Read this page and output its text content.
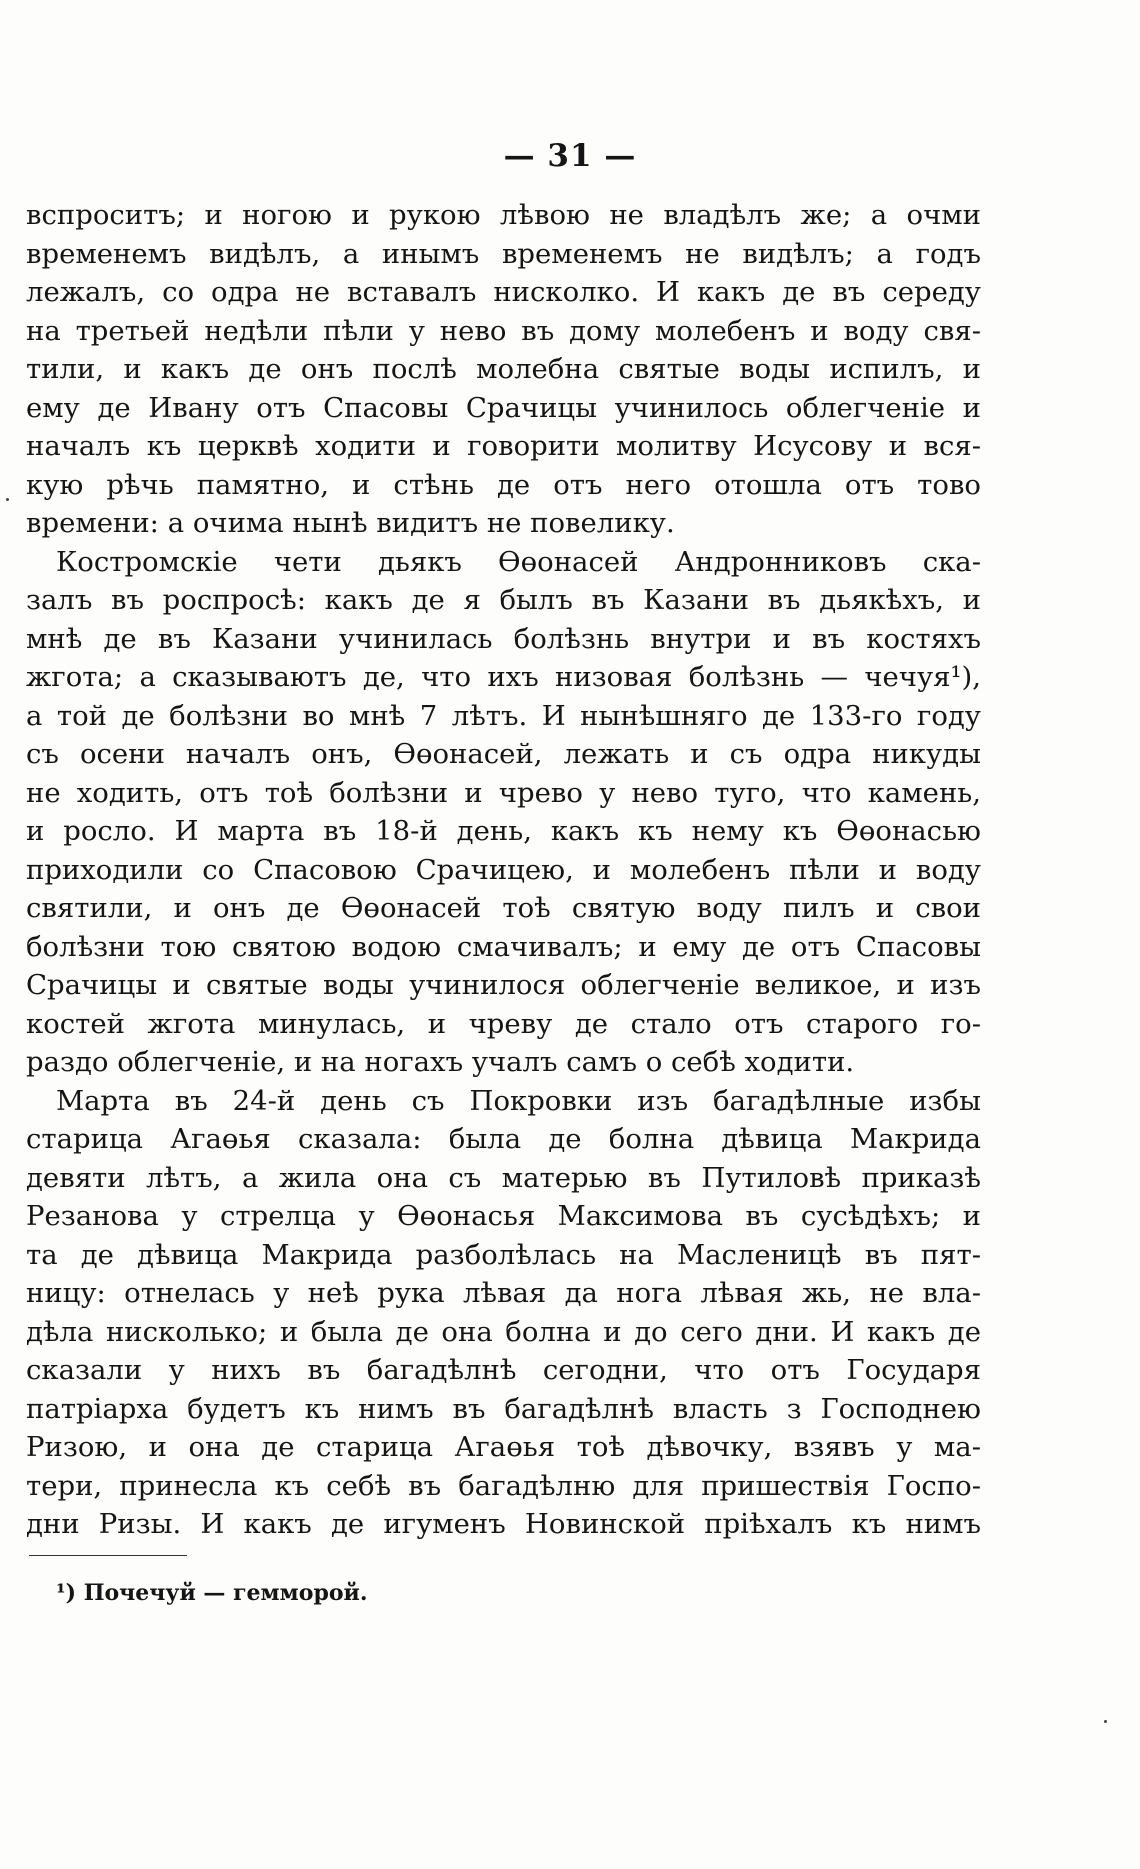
— 31 —
вспроситъ; и ногою и рукою лѣвою не владѣлъ же; а очми
временемъ видѣлъ, а инымъ временемъ не видѣлъ; а годъ
лежалъ, со одра не вставалъ нисколко. И какъ де въ середу
на третьей недѣли пѣли у нево въ дому молебенъ и воду свя-
тили, и какъ де онъ послѣ молебна святые воды испилъ, и
ему де Ивану отъ Спасовы Срачицы учинилось облегченіе и
началъ къ церквѣ ходити и говорити молитву Исусову и вся-
кую рѣчь памятно, и стѣнь де отъ него отошла отъ тово
времени: а очима нынѣ видитъ не повелику.
Костромскіе чети дьякъ Өөонасей Андронниковъ ска-
залъ въ роспросѣ: какъ де я былъ въ Казани въ дьякѣхъ, и
мнѣ де въ Казани учинилась болѣзнь внутри и въ костяхъ
жгота; а сказываютъ де, что ихъ низовая болѣзнь — чечуя¹),
а той де болѣзни во мнѣ 7 лѣтъ. И нынѣшняго де 133-го году
съ осени началъ онъ, Өөонасей, лежать и съ одра никуды
не ходить, отъ тоѣ болѣзни и чрево у нево туго, что камень,
и росло. И марта въ 18-й день, какъ къ нему къ Өөонасью
приходили со Спасовою Срачицею, и молебенъ пѣли и воду
святили, и онъ де Өөонасей тоѣ святую воду пилъ и свои
болѣзни тою святою водою смачивалъ; и ему де отъ Спасовы
Срачицы и святые воды учинилося облегченіе великое, и изъ
костей жгота минулась, и чреву де стало отъ старого го-
раздо облегченіе, и на ногахъ учалъ самъ о себѣ ходити.
Марта въ 24-й день съ Покровки изъ багадѣлные избы
старица Агаөья сказала: была де болна дѣвица Макрида
девяти лѣтъ, а жила она съ матерью въ Путиловѣ приказѣ
Резанова у стрелца у Өөонасья Максимова въ сусѣдѣхъ; и
та де дѣвица Макрида разболѣлась на Масленицѣ въ пят-
ницу: отнелась у неѣ рука лѣвая да нога лѣвая жь, не вла-
дѣла нисколько; и была де она болна и до сего дни. И какъ де
сказали у нихъ въ багадѣлнѣ сегодни, что отъ Государя
патріарха будетъ къ нимъ въ багадѣлнѣ власть з Господнею
Ризою, и она де старица Агаөья тоѣ дѣвочку, взявъ у ма-
тери, принесла къ себѣ въ багадѣлню для пришествія Госпо-
дни Ризы. И какъ де игуменъ Новинской пріѣхалъ къ нимъ
¹) Почечуй — гемморой.
